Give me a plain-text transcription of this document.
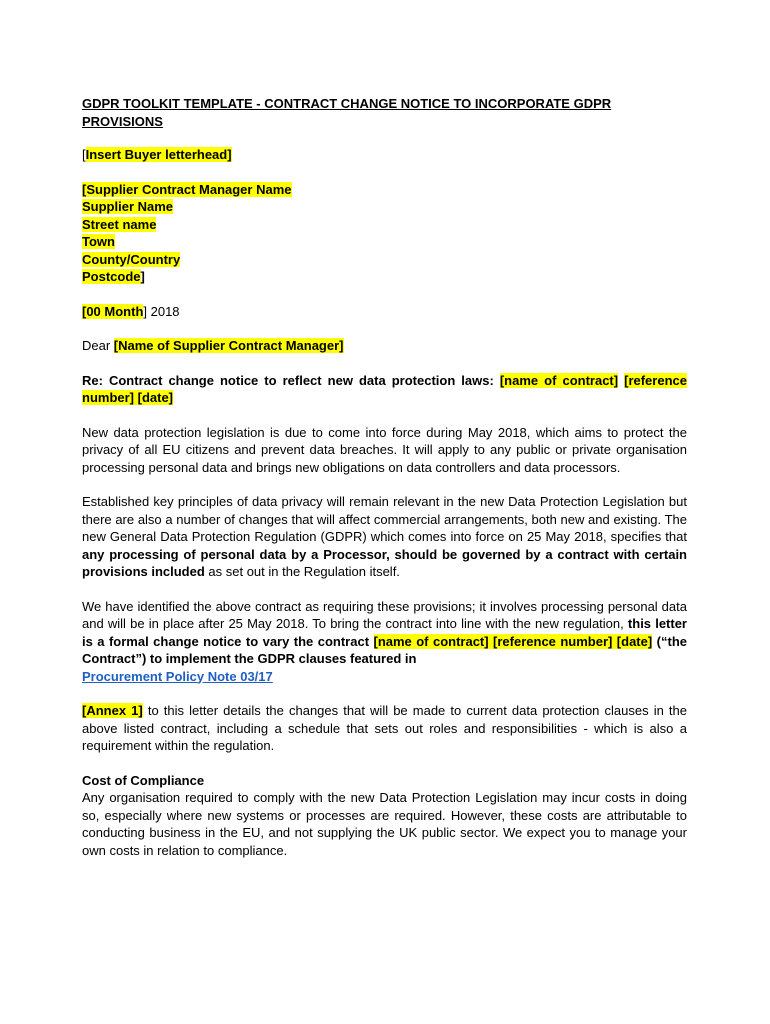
GDPR TOOLKIT TEMPLATE - CONTRACT CHANGE NOTICE TO INCORPORATE GDPR
PROVISIONS

[Insert Buyer letterhead]

[Supplier Contract Manager Name

Supplier Name

Street name

Town

County/Country

Postcode]

[00 Month] 2018

Dear [Name of Supplier Contract Manager]

Re: Contract change notice to reflect new data protection laws: [name of contract] [reference number] [date]

New data protection legislation is due to come into force during May 2018, which aims to protect the privacy of all EU citizens and prevent data breaches. It will apply to any public or private organisation processing personal data and brings new obligations on data controllers and data processors.

Established key principles of data privacy will remain relevant in the new Data Protection Legislation but there are also a number of changes that will affect commercial arrangements, both new and existing. The new General Data Protection Regulation (GDPR) which comes into force on 25 May 2018, specifies that any processing of personal data by a Processor, should be governed by a contract with certain provisions included as set out in the Regulation itself.

We have identified the above contract as requiring these provisions; it involves processing personal data and will be in place after 25 May 2018. To bring the contract into line with the new regulation, this letter is a formal change notice to vary the contract [name of contract] [reference number] [date] (“the Contract”) to implement the GDPR clauses featured in
Procurement Policy Note 03/17

[Annex 1] to this letter details the changes that will be made to current data protection clauses in the above listed contract, including a schedule that sets out roles and responsibilities - which is also a requirement within the regulation.

Cost of Compliance

Any organisation required to comply with the new Data Protection Legislation may incur costs in doing so, especially where new systems or processes are required. However, these costs are attributable to conducting business in the EU, and not supplying the UK public sector. We expect you to manage your own costs in relation to compliance.
